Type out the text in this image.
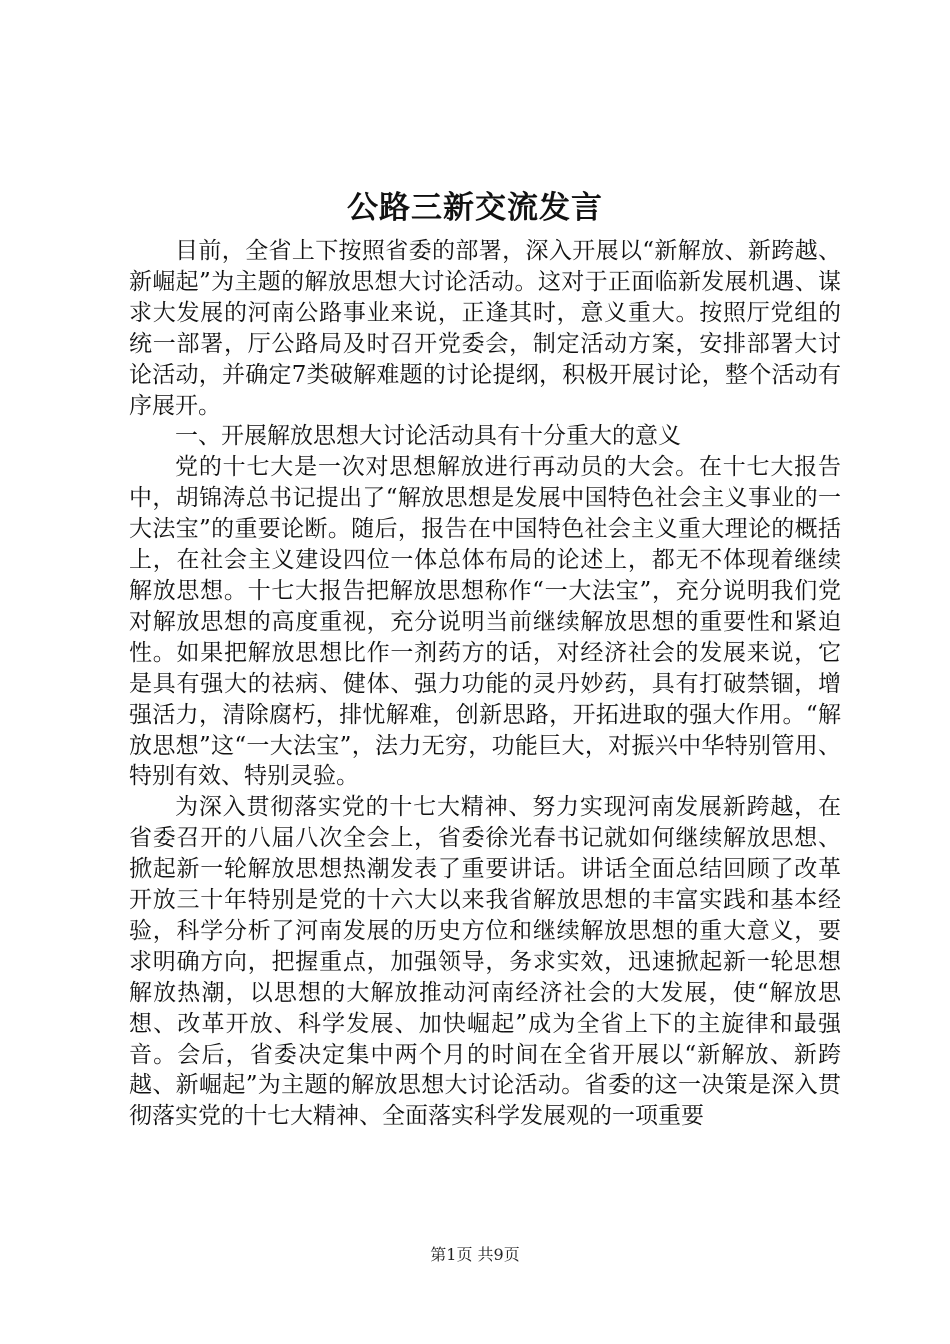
公路三新交流发言

目前，全省上下按照省委的部署，深入开展以“新解放、新跨越、新崛起”为主题的解放思想大讨论活动。这对于正面临新发展机遇、谋求大发展的河南公路事业来说，正逢其时，意义重大。按照厅党组的统一部署，厅公路局及时召开党委会，制定活动方案，安排部署大讨论活动，并确定7类破解难题的讨论提纲，积极开展讨论，整个活动有序展开。

一、开展解放思想大讨论活动具有十分重大的意义

党的十七大是一次对思想解放进行再动员的大会。在十七大报告中，胡锦涛总书记提出了“解放思想是发展中国特色社会主义事业的一大法宝”的重要论断。随后，报告在中国特色社会主义重大理论的概括上，在社会主义建设四位一体总体布局的论述上，都无不体现着继续解放思想。十七大报告把解放思想称作“一大法宝”，充分说明我们党对解放思想的高度重视，充分说明当前继续解放思想的重要性和紧迫性。如果把解放思想比作一剂药方的话，对经济社会的发展来说，它是具有强大的祛病、健体、强力功能的灵丹妙药，具有打破禁锢，增强活力，清除腐朽，排忧解难，创新思路，开拓进取的强大作用。“解放思想”这“一大法宝”，法力无穷，功能巨大，对振兴中华特别管用、特别有效、特别灵验。

为深入贯彻落实党的十七大精神、努力实现河南发展新跨越，在省委召开的八届八次全会上，省委徐光春书记就如何继续解放思想、掀起新一轮解放思想热潮发表了重要讲话。讲话全面总结回顾了改革开放三十年特别是党的十六大以来我省解放思想的丰富实践和基本经验，科学分析了河南发展的历史方位和继续解放思想的重大意义，要求明确方向，把握重点，加强领导，务求实效，迅速掀起新一轮思想解放热潮，以思想的大解放推动河南经济社会的大发展，使“解放思想、改革开放、科学发展、加快崛起”成为全省上下的主旋律和最强音。会后，省委决定集中两个月的时间在全省开展以“新解放、新跨越、新崛起”为主题的解放思想大讨论活动。省委的这一决策是深入贯彻落实党的十七大精神、全面落实科学发展观的一项重要

第1页 共9页
